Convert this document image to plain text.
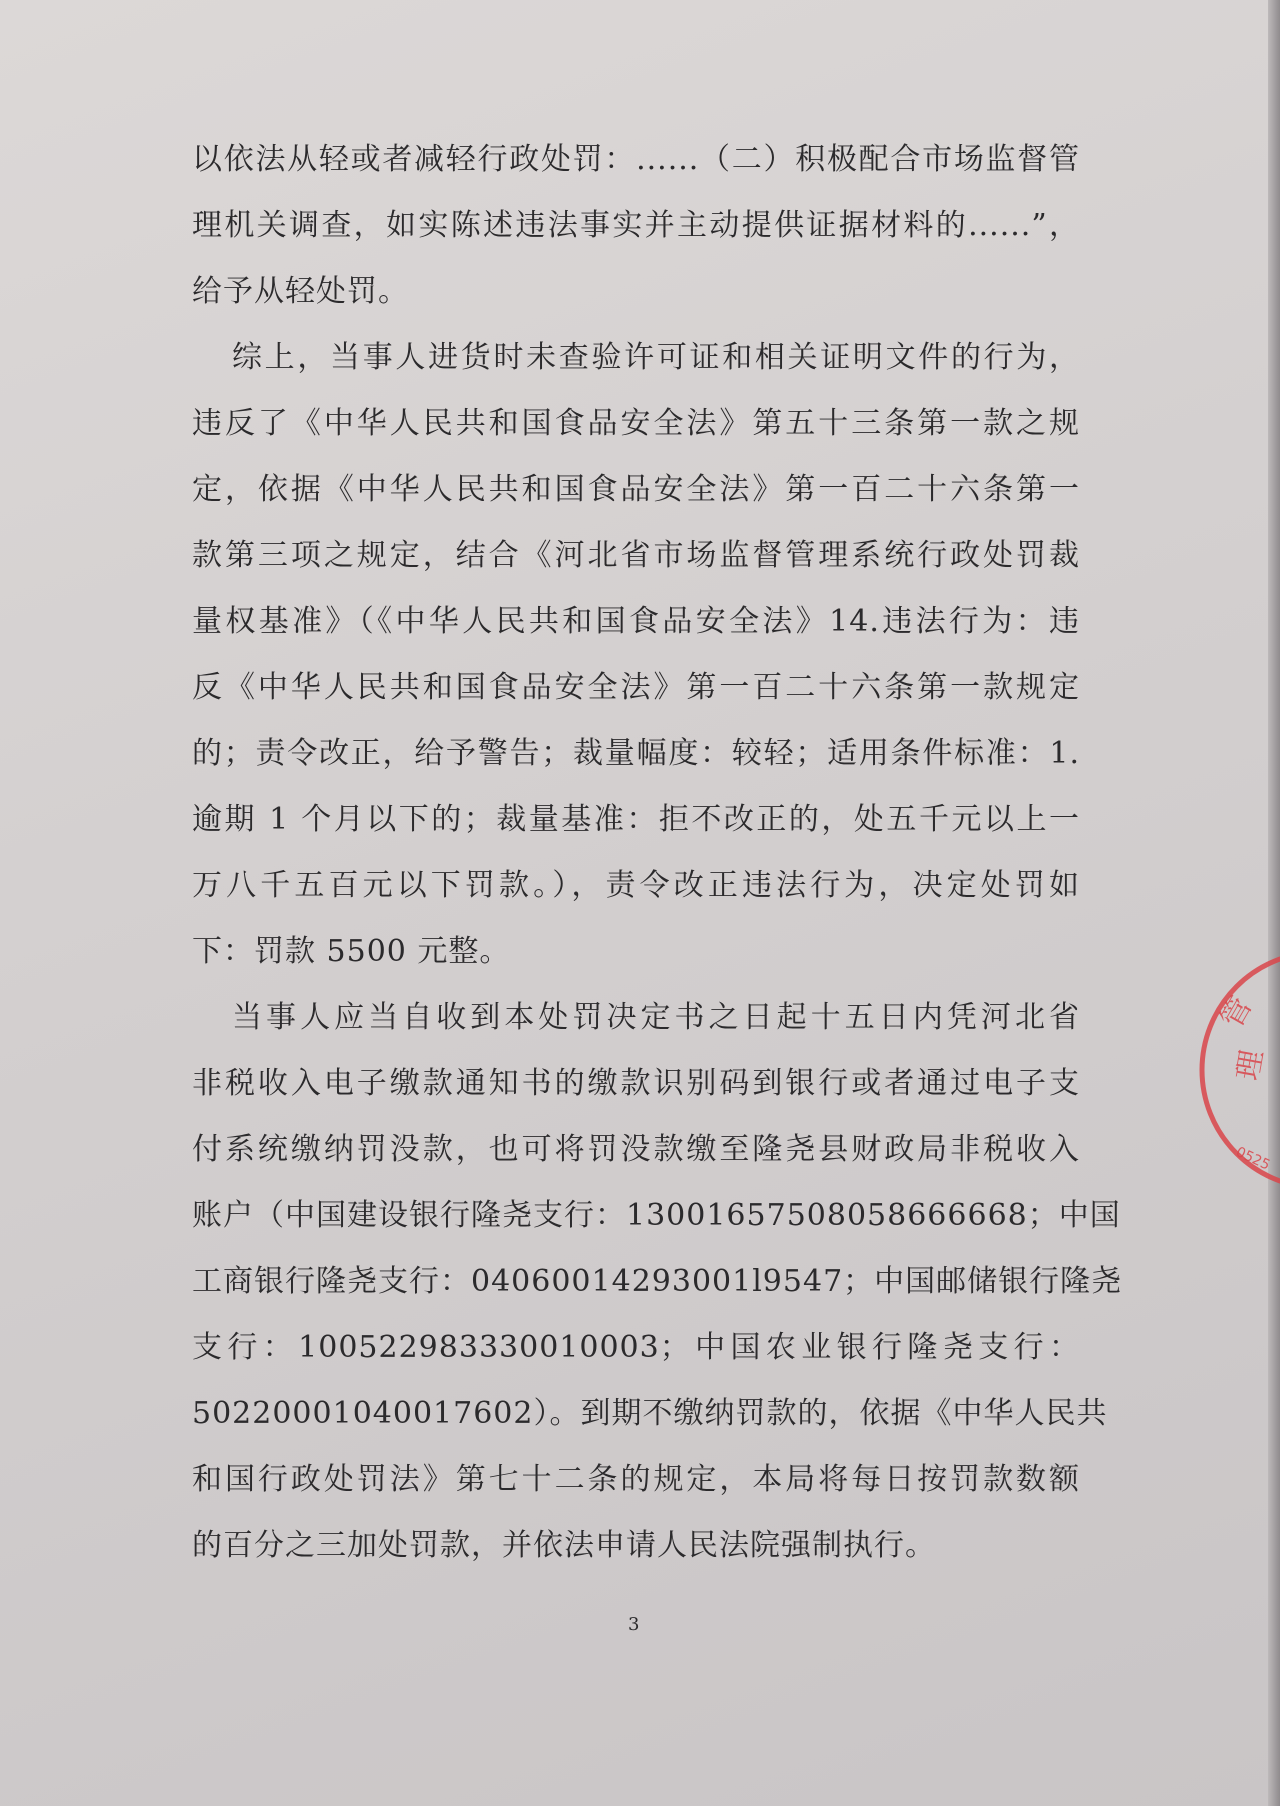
以依法从轻或者减轻行政处罚：......（二）积极配合市场监督管
理机关调查，如实陈述违法事实并主动提供证据材料的......”，
给予从轻处罚。
综上，当事人进货时未查验许可证和相关证明文件的行为，
违反了《中华人民共和国食品安全法》第五十三条第一款之规
定，依据《中华人民共和国食品安全法》第一百二十六条第一
款第三项之规定，结合《河北省市场监督管理系统行政处罚裁
量权基准》（《中华人民共和国食品安全法》14.违法行为：违
反《中华人民共和国食品安全法》第一百二十六条第一款规定
的；责令改正，给予警告；裁量幅度：较轻；适用条件标准：1.
逾期 1 个月以下的；裁量基准：拒不改正的，处五千元以上一
万八千五百元以下罚款。），责令改正违法行为，决定处罚如
下：罚款 5500 元整。
当事人应当自收到本处罚决定书之日起十五日内凭河北省
非税收入电子缴款通知书的缴款识别码到银行或者通过电子支
付系统缴纳罚没款，也可将罚没款缴至隆尧县财政局非税收入
账户（中国建设银行隆尧支行：13001657508058666668；中国
工商银行隆尧支行：04060014293001l9547；中国邮储银行隆尧
支行：100522983330010003；中国农业银行隆尧支行：
50220001040017602）。到期不缴纳罚款的，依据《中华人民共
和国行政处罚法》第七十二条的规定，本局将每日按罚款数额
的百分之三加处罚款，并依法申请人民法院强制执行。
3
管
理
0525
